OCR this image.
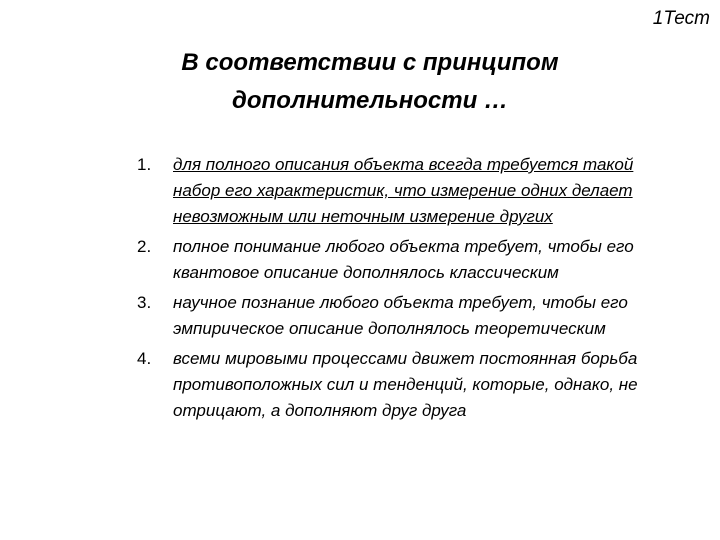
1Тест
В соответствии с принципом дополнительности …
1. для полного описания объекта всегда требуется такой набор его характеристик, что измерение одних делает невозможным или неточным измерение других
2. полное понимание любого объекта требует, чтобы его квантовое описание дополнялось классическим
3. научное познание любого объекта требует, чтобы его эмпирическое описание дополнялось теоретическим
4. всеми мировыми процессами движет постоянная борьба противоположных сил и тенденций, которые, однако, не отрицают, а дополняют друг друга
